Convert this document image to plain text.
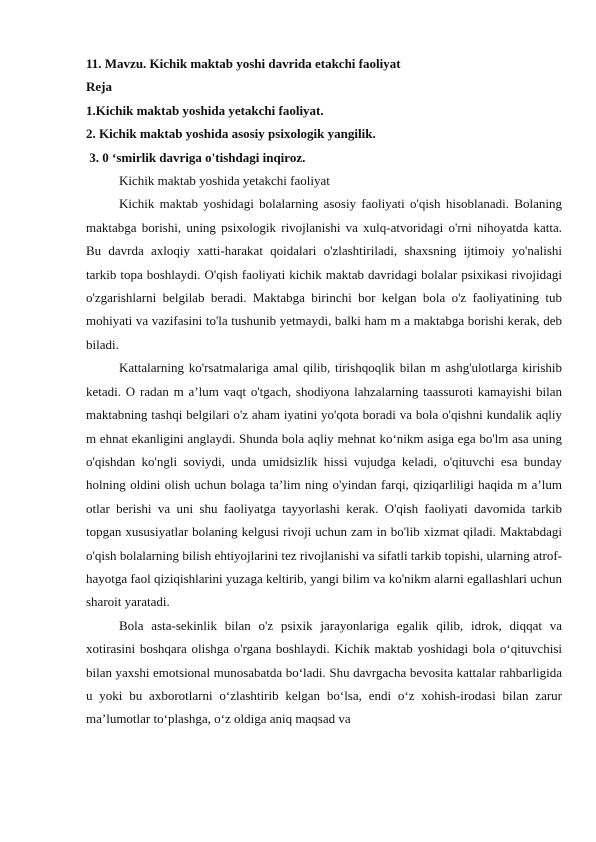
11. Mavzu. Kichik maktab yoshi davrida etakchi faoliyat

Reja

1.Kichik maktab yoshida yetakchi faoliyat.

2. Kichik maktab yoshida asosiy psixologik yangilik.

3. 0 ‘smirlik davriga o'tishdagi inqiroz.

Kichik maktab yoshida yetakchi faoliyat

Kichik maktab yoshidagi bolalarning asosiy faoliyati o'qish hisoblanadi. Bolaning maktabga borishi, uning psixologik rivojlanishi va xulq-atvoridagi o'rni nihoyatda katta. Bu davrda axloqiy xatti-harakat qoidalari o'zlashtiriladi, shaxsning ijtimoiy yo'nalishi tarkib topa boshlaydi. O'qish faoliyati kichik maktab davridagi bolalar psixikasi rivojidagi o'zgarishlarni belgilab beradi. Maktabga birinchi bor kelgan bola o'z faoliyatining tub mohiyati va vazifasini to'la tushunib yetmaydi, balki ham m a maktabga borishi kerak, deb biladi.

Kattalarning ko'rsatmalariga amal qilib, tirishqoqlik bilan m ashg'ulotlarga kirishib ketadi. O radan m a’lum vaqt o'tgach, shodiyona lahzalarning taassuroti kamayishi bilan maktabning tashqi belgilari o'z aham iyatini yo'qota boradi va bola o'qishni kundalik aqliy m ehnat ekanligini anglaydi. Shunda bola aqliy mehnat ko‘nikm asiga ega bo'lm asa uning o'qishdan ko'ngli soviydi, unda umidsizlik hissi vujudga keladi, o'qituvchi esa bunday holning oldini olish uchun bolaga ta’lim ning o'yindan farqi, qiziqarliligi haqida m a’lum otlar berishi va uni shu faoliyatga tayyorlashi kerak. O'qish faoliyati davomida tarkib topgan xususiyatlar bolaning kelgusi rivoji uchun zam in bo'lib xizmat qiladi. Maktabdagi o'qish bolalarning bilish ehtiyojlarini tez rivojlanishi va sifatli tarkib topishi, ularning atrof-hayotga faol qiziqishlarini yuzaga keltirib, yangi bilim va ko'nikm alarni egallashlari uchun sharoit yaratadi.

Bola asta-sekinlik bilan o'z psixik jarayonlariga egalik qilib, idrok, diqqat va xotirasini boshqara olishga o'rgana boshlaydi. Kichik maktab yoshidagi bola o‘qituvchisi bilan yaxshi emotsional munosabatda bo‘ladi. Shu davrgacha bevosita kattalar rahbarligida u yoki bu axborotlarni o‘zlashtirib kelgan bo‘lsa, endi o‘z xohish-irodasi bilan zarur ma’lumotlar to‘plashga, o‘z oldiga aniq maqsad va
